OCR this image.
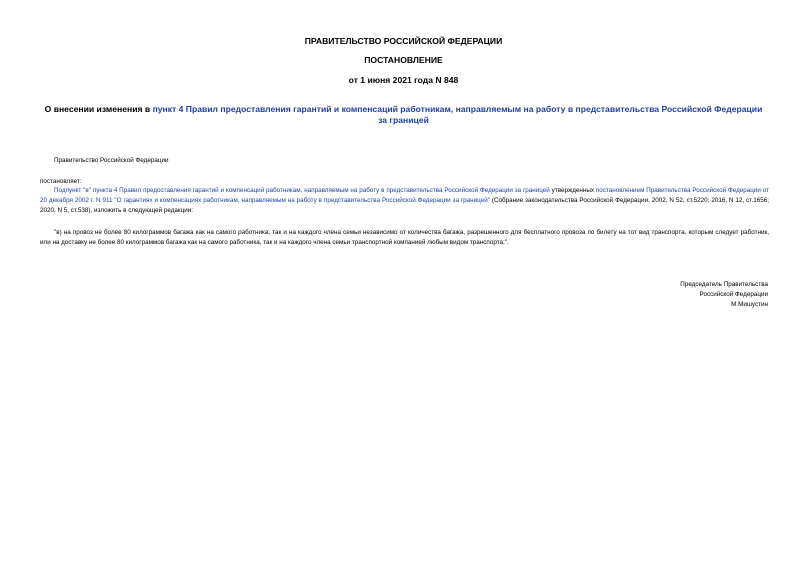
ПРАВИТЕЛЬСТВО РОССИЙСКОЙ ФЕДЕРАЦИИ
ПОСТАНОВЛЕНИЕ
от 1 июня 2021 года N 848
О внесении изменения в пункт 4 Правил предоставления гарантий и компенсаций работникам, направляемым на работу в представительства Российской Федерации за границей
Правительство Российской Федерации
постановляет:
Подпункт "в" пункта 4 Правил предоставления гарантий и компенсаций работникам, направляемым на работу в представительства Российской Федерации за границей утвержденных постановлением Правительства Российской Федерации от 20 декабря 2002 г. N 911 "О гарантиях и компенсациях работникам, направляемым на работу в представительства Российской Федерации за границей" (Собрание законодательства Российской Федерации, 2002, N 52, ст.5220; 2016, N 12, ст.1656; 2020, N 5, ст.538), изложить в следующей редакции:
"в) на провоз не более 80 килограммов багажа как на самого работника, так и на каждого члена семьи независимо от количества багажа, разрешенного для бесплатного провоза по билету на тот вид транспорта, которым следует работник, или на доставку не более 80 килограммов багажа как на самого работника, так и на каждого члена семьи транспортной компанией любым видом транспорта;".
Председатель Правительства
Российской Федерации
М.Мишустин
